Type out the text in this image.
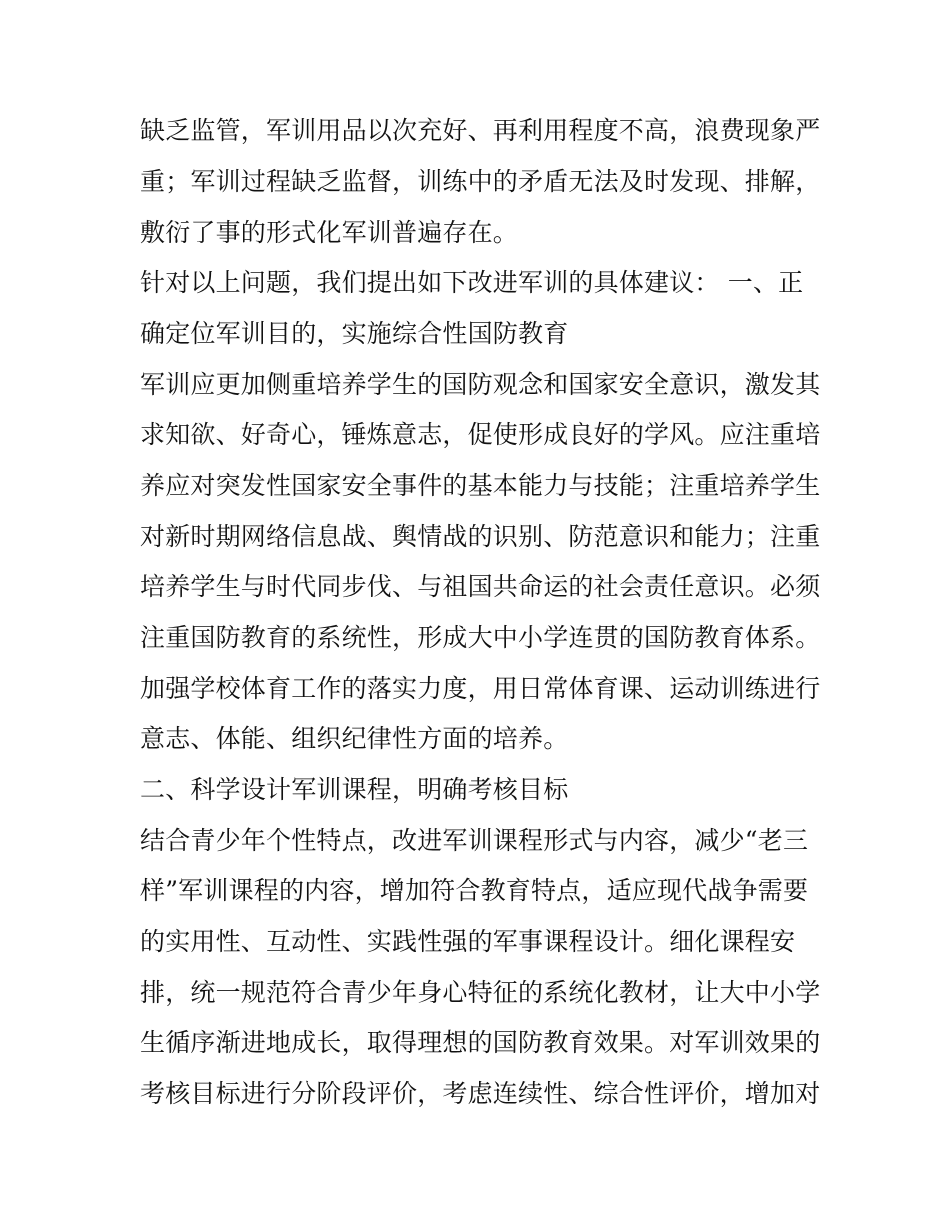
缺乏监管，军训用品以次充好、再利用程度不高，浪费现象严
重；军训过程缺乏监督，训练中的矛盾无法及时发现、排解，
敷衍了事的形式化军训普遍存在。
针对以上问题，我们提出如下改进军训的具体建议： 一、正
确定位军训目的，实施综合性国防教育
军训应更加侧重培养学生的国防观念和国家安全意识，激发其
求知欲、好奇心，锤炼意志，促使形成良好的学风。应注重培
养应对突发性国家安全事件的基本能力与技能；注重培养学生
对新时期网络信息战、舆情战的识别、防范意识和能力；注重
培养学生与时代同步伐、与祖国共命运的社会责任意识。必须
注重国防教育的系统性，形成大中小学连贯的国防教育体系。
加强学校体育工作的落实力度，用日常体育课、运动训练进行
意志、体能、组织纪律性方面的培养。
二、科学设计军训课程，明确考核目标
结合青少年个性特点，改进军训课程形式与内容，减少“老三
样”军训课程的内容，增加符合教育特点，适应现代战争需要
的实用性、互动性、实践性强的军事课程设计。细化课程安
排，统一规范符合青少年身心特征的系统化教材，让大中小学
生循序渐进地成长，取得理想的国防教育效果。对军训效果的
考核目标进行分阶段评价，考虑连续性、综合性评价，增加对
